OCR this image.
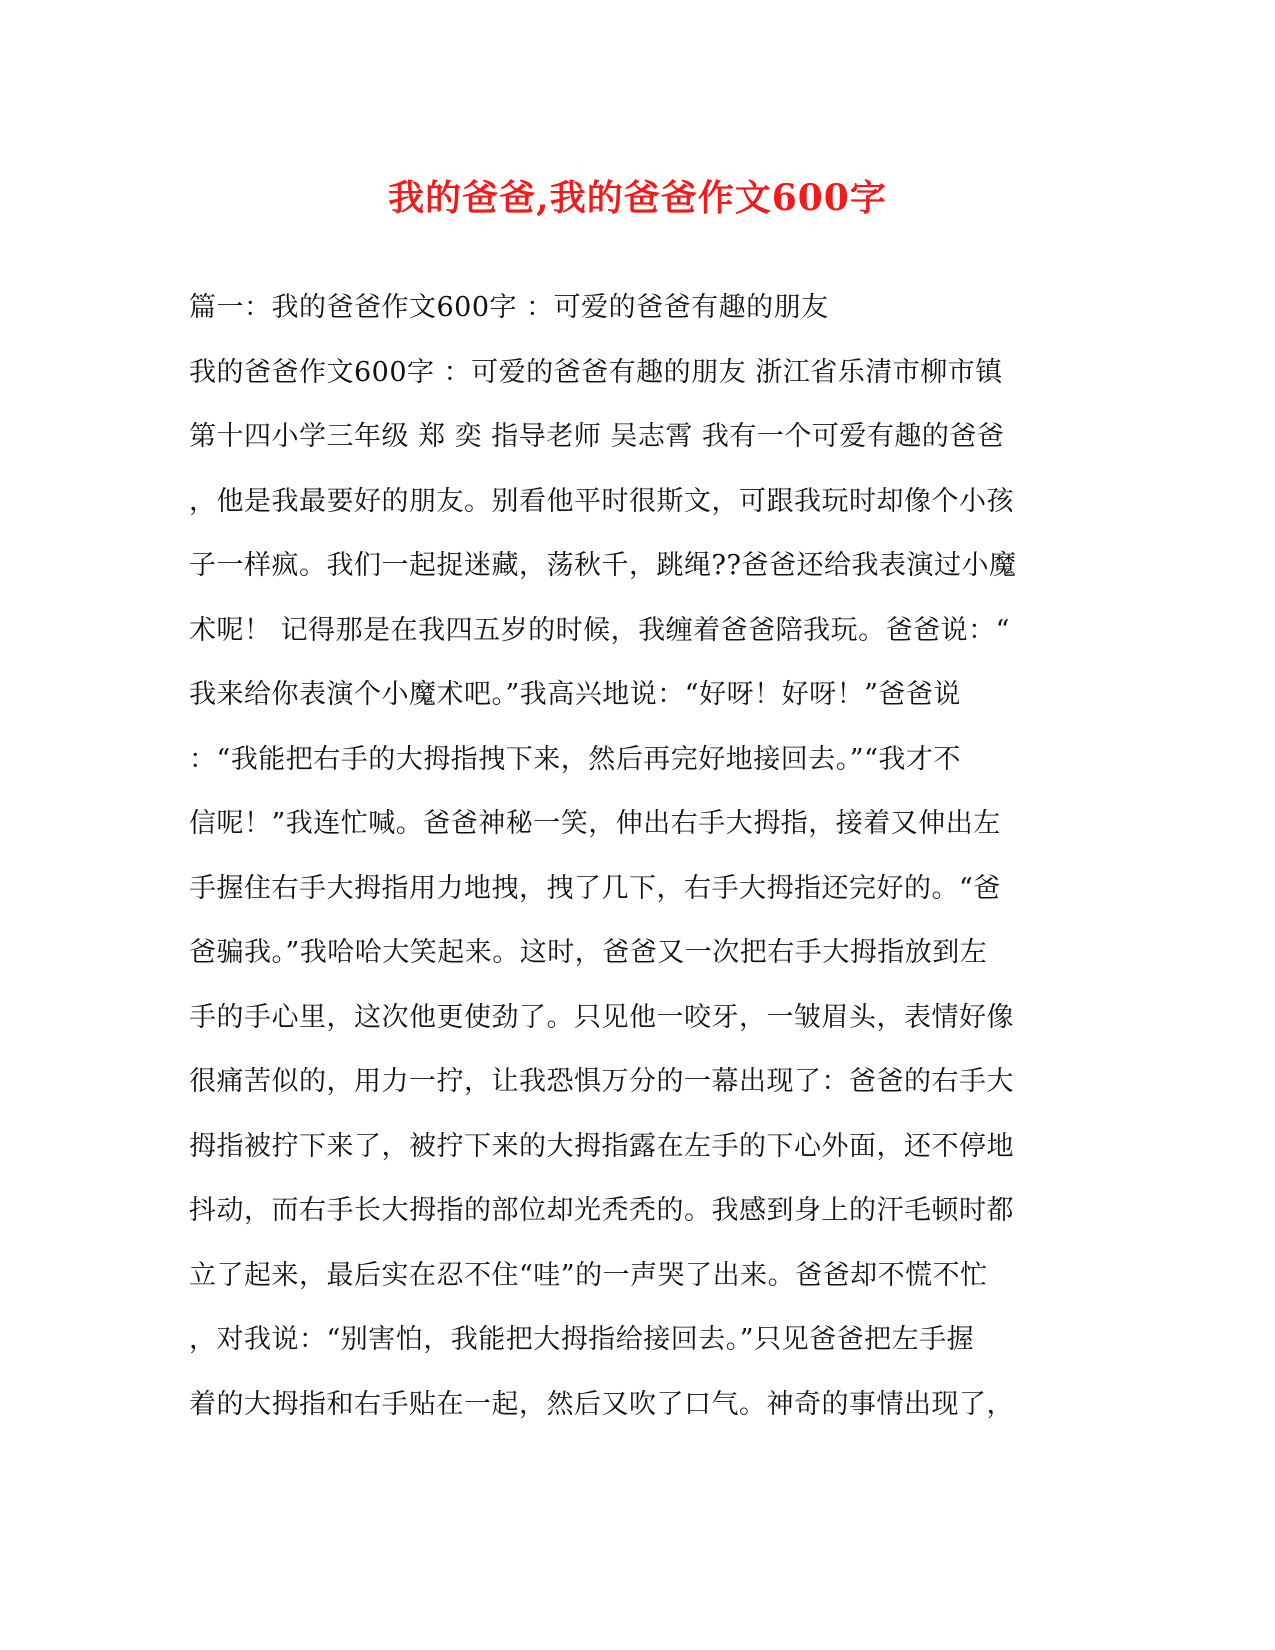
我的爸爸,我的爸爸作文600字
篇一：我的爸爸作文600字 ：可爱的爸爸有趣的朋友
我的爸爸作文600字 ：可爱的爸爸有趣的朋友 浙江省乐清市柳市镇
第十四小学三年级 郑 奕 指导老师 吴志霄 我有一个可爱有趣的爸爸
，他是我最要好的朋友。别看他平时很斯文，可跟我玩时却像个小孩
子一样疯。我们一起捉迷藏，荡秋千，跳绳??爸爸还给我表演过小魔
术呢！ 记得那是在我四五岁的时候，我缠着爸爸陪我玩。爸爸说：“
我来给你表演个小魔术吧。”我高兴地说：“好呀！好呀！”爸爸说
：“我能把右手的大拇指拽下来，然后再完好地接回去。”“我才不
信呢！”我连忙喊。爸爸神秘一笑，伸出右手大拇指，接着又伸出左
手握住右手大拇指用力地拽，拽了几下，右手大拇指还完好的。“爸
爸骗我。”我哈哈大笑起来。这时，爸爸又一次把右手大拇指放到左
手的手心里，这次他更使劲了。只见他一咬牙，一皱眉头，表情好像
很痛苦似的，用力一拧，让我恐惧万分的一幕出现了：爸爸的右手大
拇指被拧下来了，被拧下来的大拇指露在左手的下心外面，还不停地
抖动，而右手长大拇指的部位却光秃秃的。我感到身上的汗毛顿时都
立了起来，最后实在忍不住“哇”的一声哭了出来。爸爸却不慌不忙
，对我说：“别害怕，我能把大拇指给接回去。”只见爸爸把左手握
着的大拇指和右手贴在一起，然后又吹了口气。神奇的事情出现了，
